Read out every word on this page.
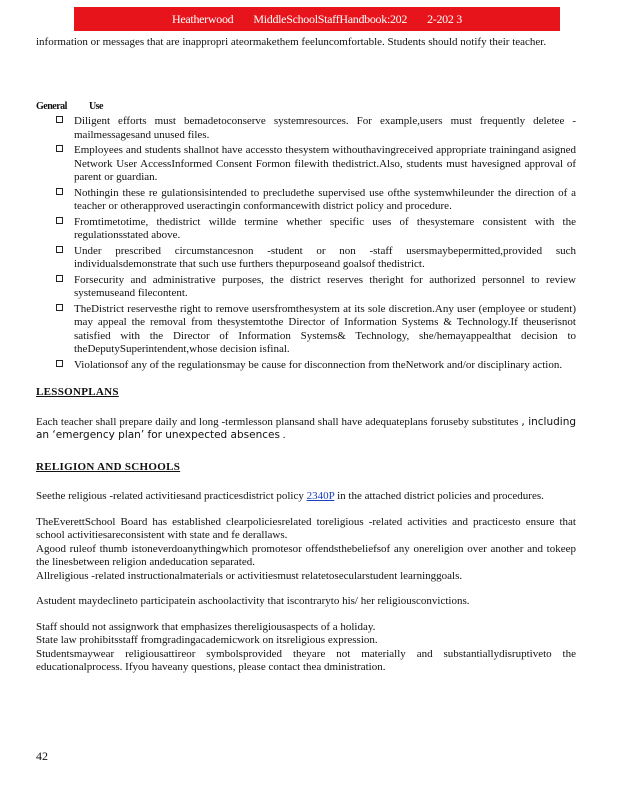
Heatherwood MiddleSchoolStaffHandbook:202 2-202 3

information or messages that are inappropri ateormakethem feeluncomfortable. Students should notify their teacher.

General Use
Diligent efforts must bemadetoconserve systemresources. For example,users must frequently deletee -mailmessagesand unused files.
Employees and students shallnot have accessto thesystem withouthavingreceived appropriate trainingand asigned Network User AccessInformed Consent Formon filewith thedistrict.Also, students must havesigned approval of parent or guardian.
Nothingin these re gulationsisintended to precludethe supervised use ofthe systemwhileunder the direction of a teacher or otherapproved useractingin conformancewith district policy and procedure.
Fromtimetotime, thedistrict willde termine whether specific uses of thesystemare consistent with the regulationsstated above.
Under prescribed circumstancesnon -student or non -staff usersmaybepermitted,provided such individualsdemonstrate that such use furthers thepurposeand goalsof thedistrict.
Forsecurity and administrative purposes, the district reserves theright for authorized personnel to review systemuseand filecontent.
TheDistrict reservesthe right to remove usersfromthesystem at its sole discretion.Any user (employee or student) may appeal the removal from thesystemtothe Director of Information Systems & Technology.If theuserisnot satisfied with the Director of Information Systems& Technology, she/hemayappealthat decision to theDeputySuperintendent,whose decision isfinal.
Violationsof any of the regulationsmay be cause for disconnection from theNetwork and/or disciplinary action.
LESSONPLANS

Each teacher shall prepare daily and long -termlesson plansand shall have adequateplans foruseby substitutes , including an ‘emergency plan’ for unexpected absences .

RELIGION AND SCHOOLS

Seethe religious -related activitiesand practicesdistrict policy 2340P in the attached district policies and procedures.

TheEverettSchool Board has established clearpoliciesrelated toreligious -related activities and practicesto ensure that school activitiesareconsistent with state and fe derallaws.

Agood ruleof thumb istoneverdoanythingwhich promotesor offendsthebeliefsof any onereligion over another and tokeep the linesbetween religion andeducation separated.

Allreligious -related instructionalmaterials or activitiesmust relatetosecularstudent learninggoals.

Astudent maydeclineto participatein aschoolactivity that iscontraryto his/ her religiousconvictions.

Staff should not assignwork that emphasizes thereligiousaspects of a holiday.

State law prohibitsstaff fromgradingacademicwork on itsreligious expression.

Studentsmaywear religiousattireor symbolsprovided theyare not materially and substantiallydisruptiveto the educationalprocess. Ifyou haveany questions, please contact thea dministration.

42
